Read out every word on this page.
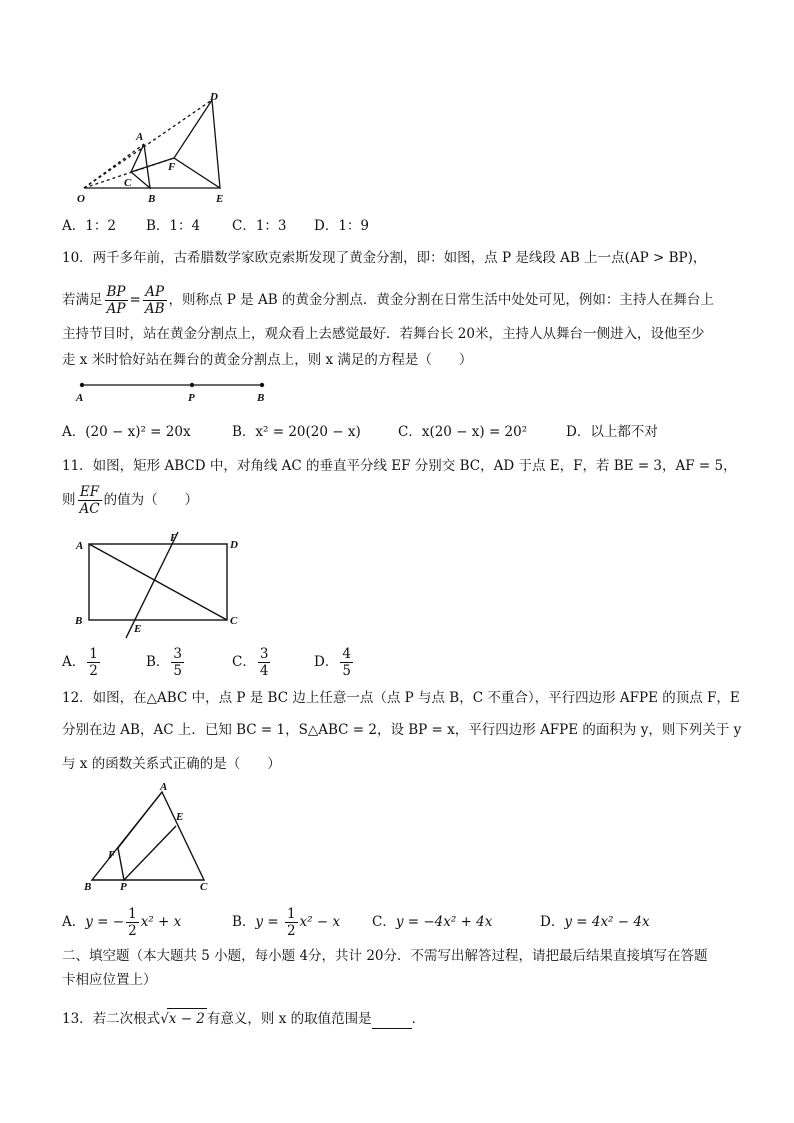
D
A
F
C
O	B	E
A．1：2 B．1：4 C．1：3 D．1：9
10．两千多年前，古希腊数学家欧克索斯发现了黄金分割，即：如图，点 P 是线段 AB 上一点(AP > BP)，
若满足 $\frac{BP}{AP} = \frac{AP}{AB}$ ，则称点 P 是 AB 的黄金分割点．黄金分割在日常生活中处处可见，例如：主持人在舞台上
主持节目时，站在黄金分割点上，观众看上去感觉最好．若舞台长 20米，主持人从舞台一侧进入，设他至少
走 x 米时恰好站在舞台的黄金分割点上，则 x 满足的方程是（　　）
A	P	B
A．(20 − x)² = 20x	B．x² = 20(20 − x)	C．x(20 − x) = 20²	D．以上都不对
11．如图，矩形 ABCD 中，对角线 AC 的垂直平分线 EF 分别交 BC，AD 于点 E，F，若 BE = 3，AF = 5，
则 $\frac{EF}{AC}$ 的值为（　　）
A
F
D
B
E
C
A． $\frac{1}{2}$	B． $\frac{3}{5}$	C． $\frac{3}{4}$	D． $\frac{4}{5}$
12．如图，在△ABC 中，点 P 是 BC 边上任意一点（点 P 与点 B，C 不重合），平行四边形 AFPE 的顶点 F，E
分别在边 AB，AC 上．已知 BC = 1，S△ABC = 2，设 BP = x，平行四边形 AFPE 的面积为 y，则下列关于 y
与 x 的函数关系式正确的是（　　）
A
E
F
B	P	C
A．y = − $\frac{1}{2} x^2 + x$	B．$y = \frac{1}{2} x^2 - x$ C．y = −4x² + 4x	D．y = 4x² − 4x
二、填空题（本大题共 5 小题，每小题 4分，共计 20分．不需写出解答过程，请把最后结果直接填写在答题
卡相应位置上）
13．若二次根式√x − 2 有意义，则 x 的取值范围是	．
